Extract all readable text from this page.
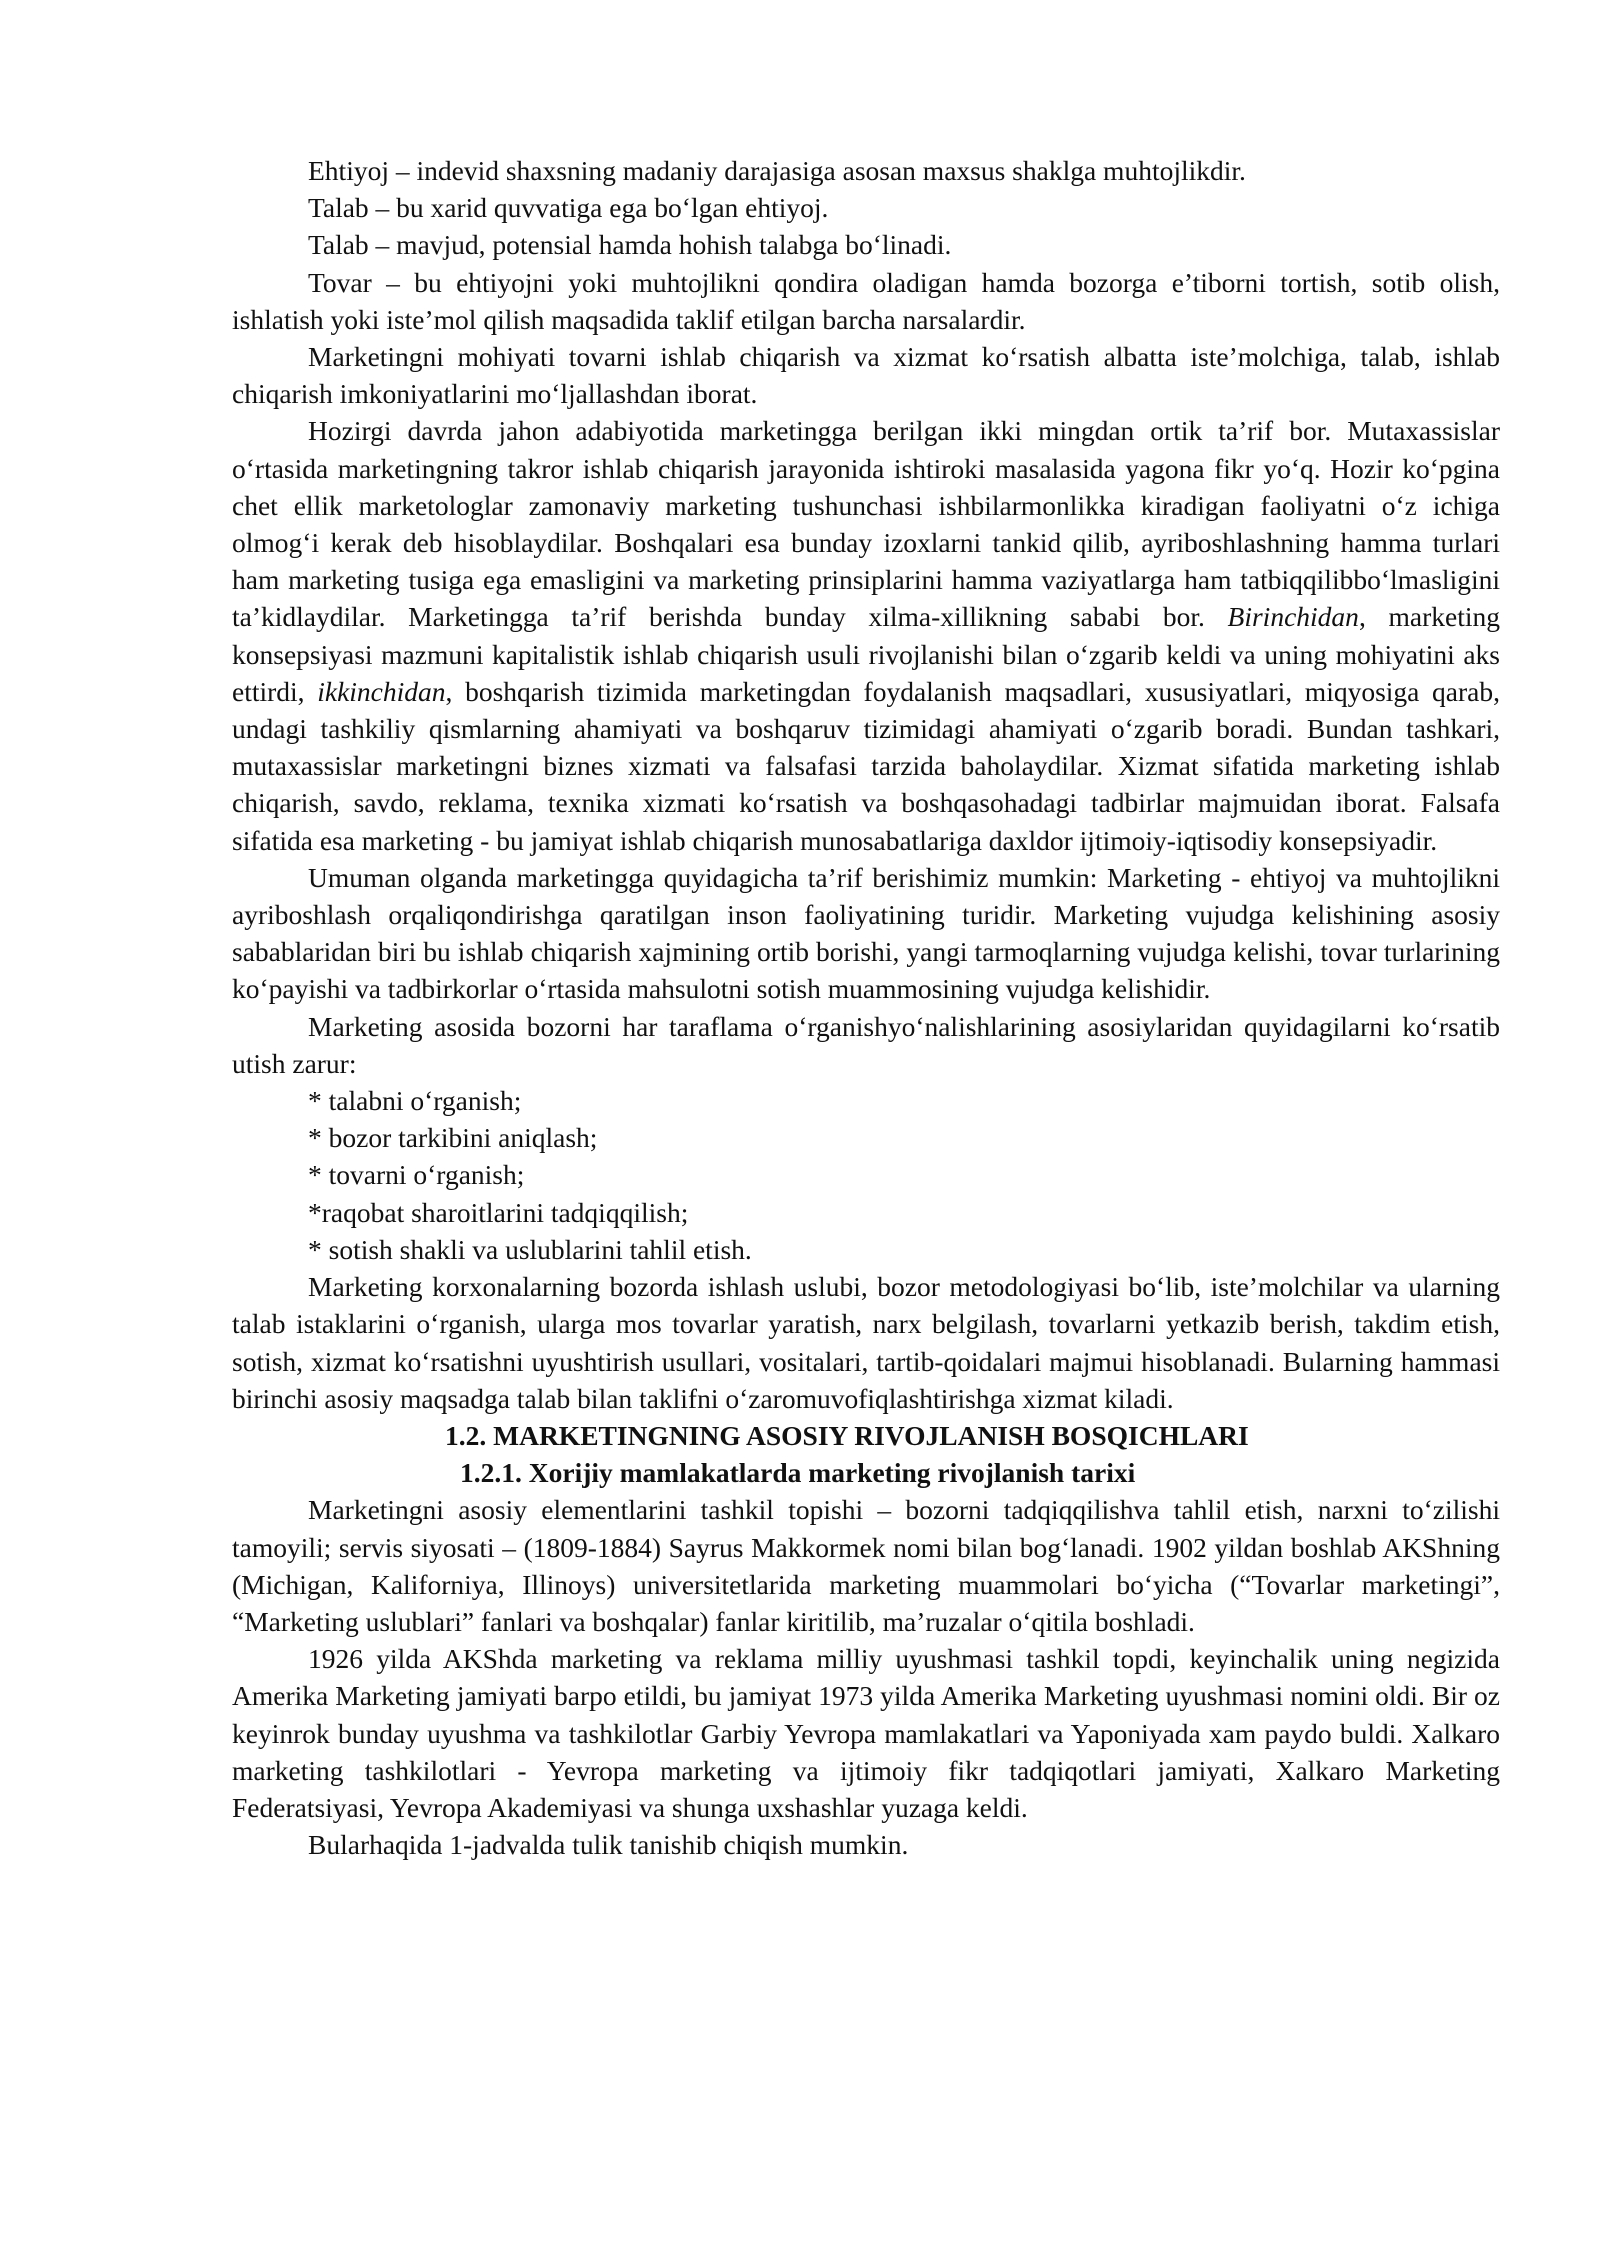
Ehtiyoj – indevid shaxsning madaniy darajasiga asosan maxsus shaklga muhtojlikdir.

Talab – bu xarid quvvatiga ega bo‘lgan ehtiyoj.

Talab – mavjud, potensial hamda hohish talabga bo‘linadi.

Tovar – bu ehtiyojni yoki muhtojlikni qondira oladigan hamda bozorga e’tiborni tortish, sotib olish, ishlatish yoki iste’mol qilish maqsadida taklif etilgan barcha narsalardir.

Marketingni mohiyati tovarni ishlab chiqarish va xizmat ko‘rsatish albatta iste’molchiga, talab, ishlab chiqarish imkoniyatlarini mo‘ljallashdan iborat.

Hozirgi davrda jahon adabiyotida marketingga berilgan ikki mingdan ortik ta’rif bor. Mutaxassislar o‘rtasida marketingning takror ishlab chiqarish jarayonida ishtiroki masalasida yagona fikr yo‘q. Hozir ko‘pgina chet ellik marketologlar zamonaviy marketing tushunchasi ishbilarmonlikka kiradigan faoliyatni o‘z ichiga olmog‘i kerak deb hisoblaydilar. Boshqalari esa bunday izoxlarni tankid qilib, ayriboshlashning hamma turlari ham marketing tusiga ega emasligini va marketing prinsiplarini hamma vaziyatlarga ham tatbiqqilibbo‘lmasligini ta’kidlaydilar. Marketingga ta’rif berishda bunday xilma-xillikning sababi bor. Birinchidan, marketing konsepsiyasi mazmuni kapitalistik ishlab chiqarish usuli rivojlanishi bilan o‘zgarib keldi va uning mohiyatini aks ettirdi, ikkinchidan, boshqarish tizimida marketingdan foydalanish maqsadlari, xususiyatlari, miqyosiga qarab, undagi tashkiliy qismlarning ahamiyati va boshqaruv tizimidagi ahamiyati o‘zgarib boradi. Bundan tashkari, mutaxassislar marketingni biznes xizmati va falsafasi tarzida baholaydilar. Xizmat sifatida marketing ishlab chiqarish, savdo, reklama, texnika xizmati ko‘rsatish va boshqasohadagi tadbirlar majmuidan iborat. Falsafa sifatida esa marketing - bu jamiyat ishlab chiqarish munosabatlariga daxldor ijtimoiy-iqtisodiy konsepsiyadir.

Umuman olganda marketingga quyidagicha ta’rif berishimiz mumkin: Marketing - ehtiyoj va muhtojlikni ayriboshlash orqaliqondirishga qaratilgan inson faoliyatining turidir. Marketing vujudga kelishining asosiy sabablaridan biri bu ishlab chiqarish xajmining ortib borishi, yangi tarmoqlarning vujudga kelishi, tovar turlarining ko‘payishi va tadbirkorlar o‘rtasida mahsulotni sotish muammosining vujudga kelishidir.

Marketing asosida bozorni har taraflama o‘rganishyo‘nalishlarining asosiylaridan quyidagilarni ko‘rsatib utish zarur:

* talabni o‘rganish;
* bozor tarkibini aniqlash;
* tovarni o‘rganish;
*raqobat sharoitlarini tadqiqqilish;
* sotish shakli va uslublarini tahlil etish.

Marketing korxonalarning bozorda ishlash uslubi, bozor metodologiyasi bo‘lib, iste’molchilar va ularning talab istaklarini o‘rganish, ularga mos tovarlar yaratish, narx belgilash, tovarlarni yetkazib berish, takdim etish, sotish, xizmat ko‘rsatishni uyushtirish usullari, vositalari, tartib-qoidalari majmui hisoblanadi. Bularning hammasi birinchi asosiy maqsadga talab bilan taklifni o‘zaromuvofiqlashtirishga xizmat kiladi.

1.2. MARKETINGNING ASOSIY RIVOJLANISH BOSQICHLARI
1.2.1. Xorijiy mamlakatlarda marketing rivojlanish tarixi

Marketingni asosiy elementlarini tashkil topishi – bozorni tadqiqqilishva tahlil etish, narxni to‘zilishi tamoyili; servis siyosati – (1809-1884) Sayrus Makkormek nomi bilan bog‘lanadi. 1902 yildan boshlab AKShning (Michigan, Kaliforniya, Illinoys) universitetlarida marketing muammolari bo‘yicha (“Tovarlar marketingi”, “Marketing uslublari” fanlari va boshqalar) fanlar kiritilib, ma’ruzalar o‘qitila boshladi.

1926 yilda AKShda marketing va reklama milliy uyushmasi tashkil topdi, keyinchalik uning negizida Amerika Marketing jamiyati barpo etildi, bu jamiyat 1973 yilda Amerika Marketing uyushmasi nomini oldi. Bir oz keyinrok bunday uyushma va tashkilotlar Garbiy Yevropa mamlakatlari va Yaponiyada xam paydo buldi. Xalkaro marketing tashkilotlari - Yevropa marketing va ijtimoiy fikr tadqiqotlari jamiyati, Xalkaro Marketing Federatsiyasi, Yevropa Akademiyasi va shunga uxshashlar yuzaga keldi.

Bularhaqida 1-jadvalda tulik tanishib chiqish mumkin.
